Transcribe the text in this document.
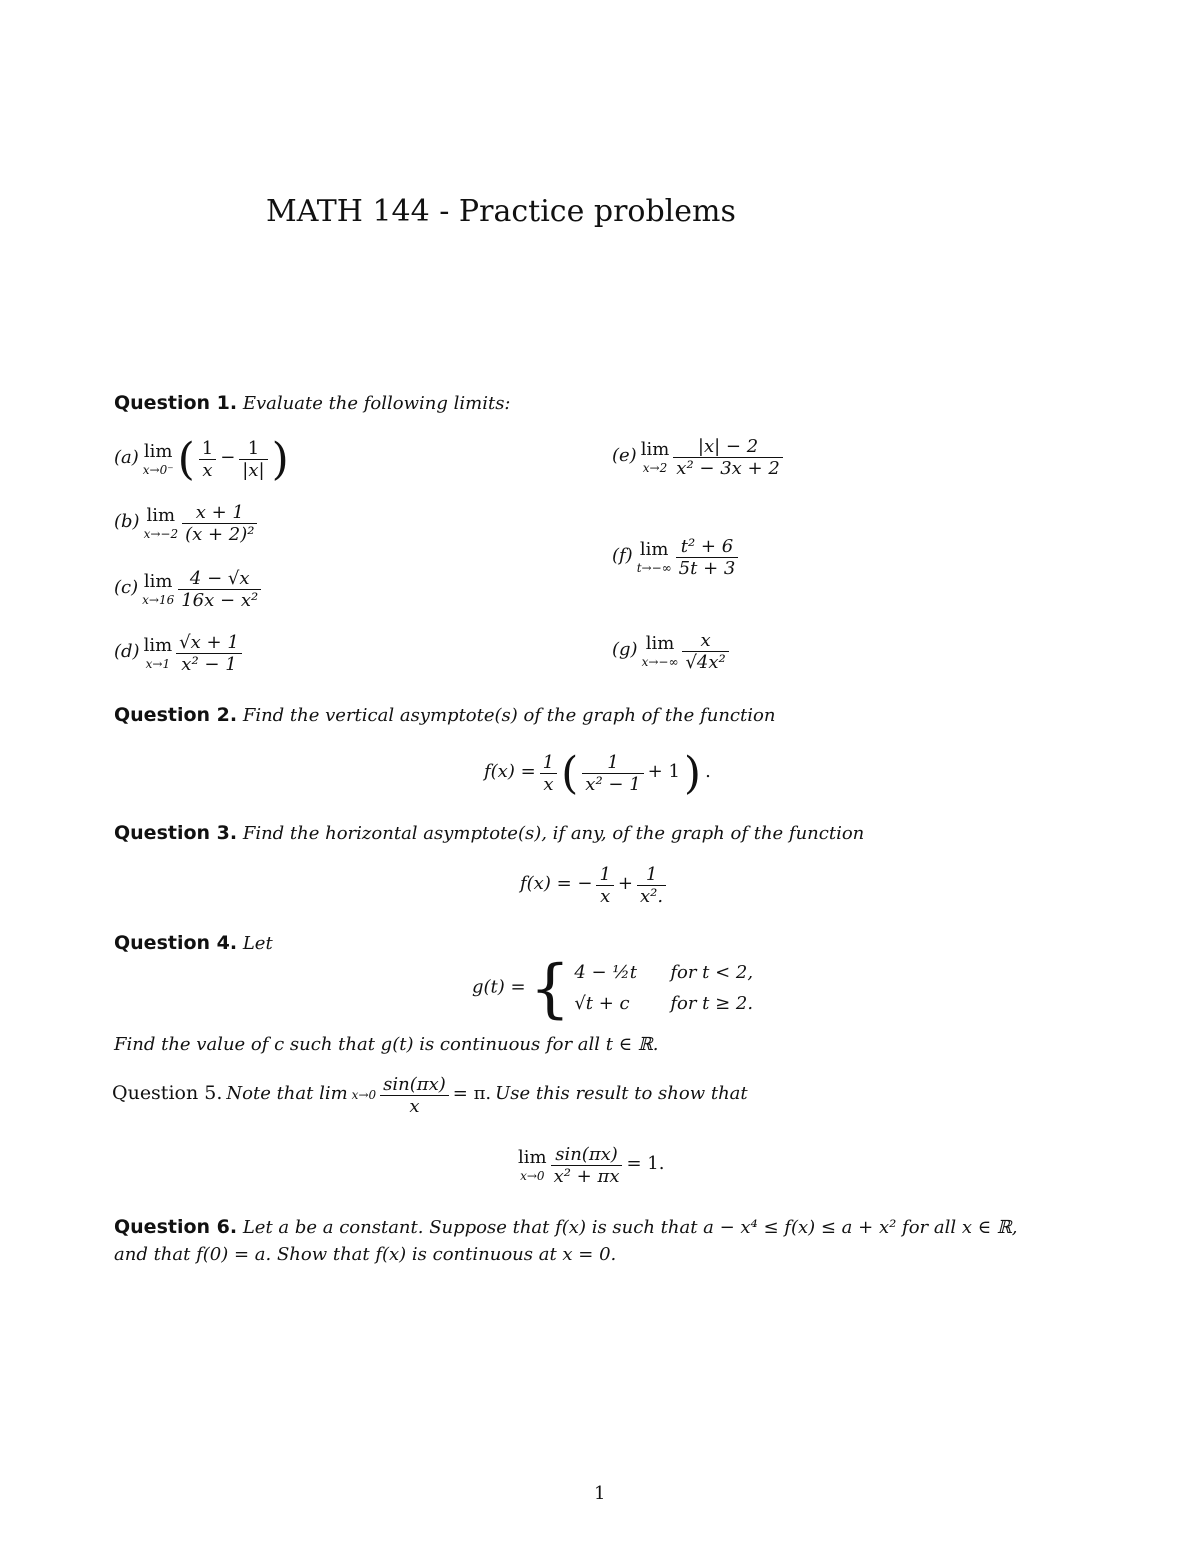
MATH 144 - Practice problems
Question 1. Evaluate the following limits:
(a) lim
x→0⁻ ( $\frac{1}{x} - \frac{1}{|x|}$ )
(b) lim
x→−2
$\frac{x + 1}{\text{(x + 2)²}}$
(c) lim
x→16
$\frac{4 - √x}{\text{16x − x²}}$
(d) lim
x→1
$\frac{√x + 1}{\text{x² − 1}}$
(e) lim
x→2
$\frac{|x| - 2}{\text{x² − 3x + 2}}$
(f) lim
t→−∞
$\frac{\text{t² + 6}}{5t + 3}$
(g) lim
x→−∞
$\frac{x}{\text{√4x²}}$
Question 2. Find the vertical asymptote(s) of the graph of the function
$f(x) = \frac{1}{x}$ ( $\frac{1}{\text{x² − 1}} + 1$ ) .
Question 3. Find the horizontal asymptote(s), if any, of the graph of the function
f(x) = − $\frac{1}{x} + \frac{1}{\text{x².}}$
Question 4. Let
g(t) = { 4 − ½t for t < 2,
√t + c for t ≥ 2.
Find the value of c such that g(t) is continuous for all t ∈ ℝ.
Question 5. Note that $\lim x\to 0 \frac{\sin(\pi x)}{x} = \pi$. Use this result to show that
lim
x→0
$\frac{\sin(\pi x)}{\text{x² + πx}} = 1$.
Question 6. Let a be a constant. Suppose that f(x) is such that a − x⁴ ≤ f(x) ≤ a + x² for all x ∈ ℝ,
and that f(0) = a. Show that f(x) is continuous at x = 0.
1
